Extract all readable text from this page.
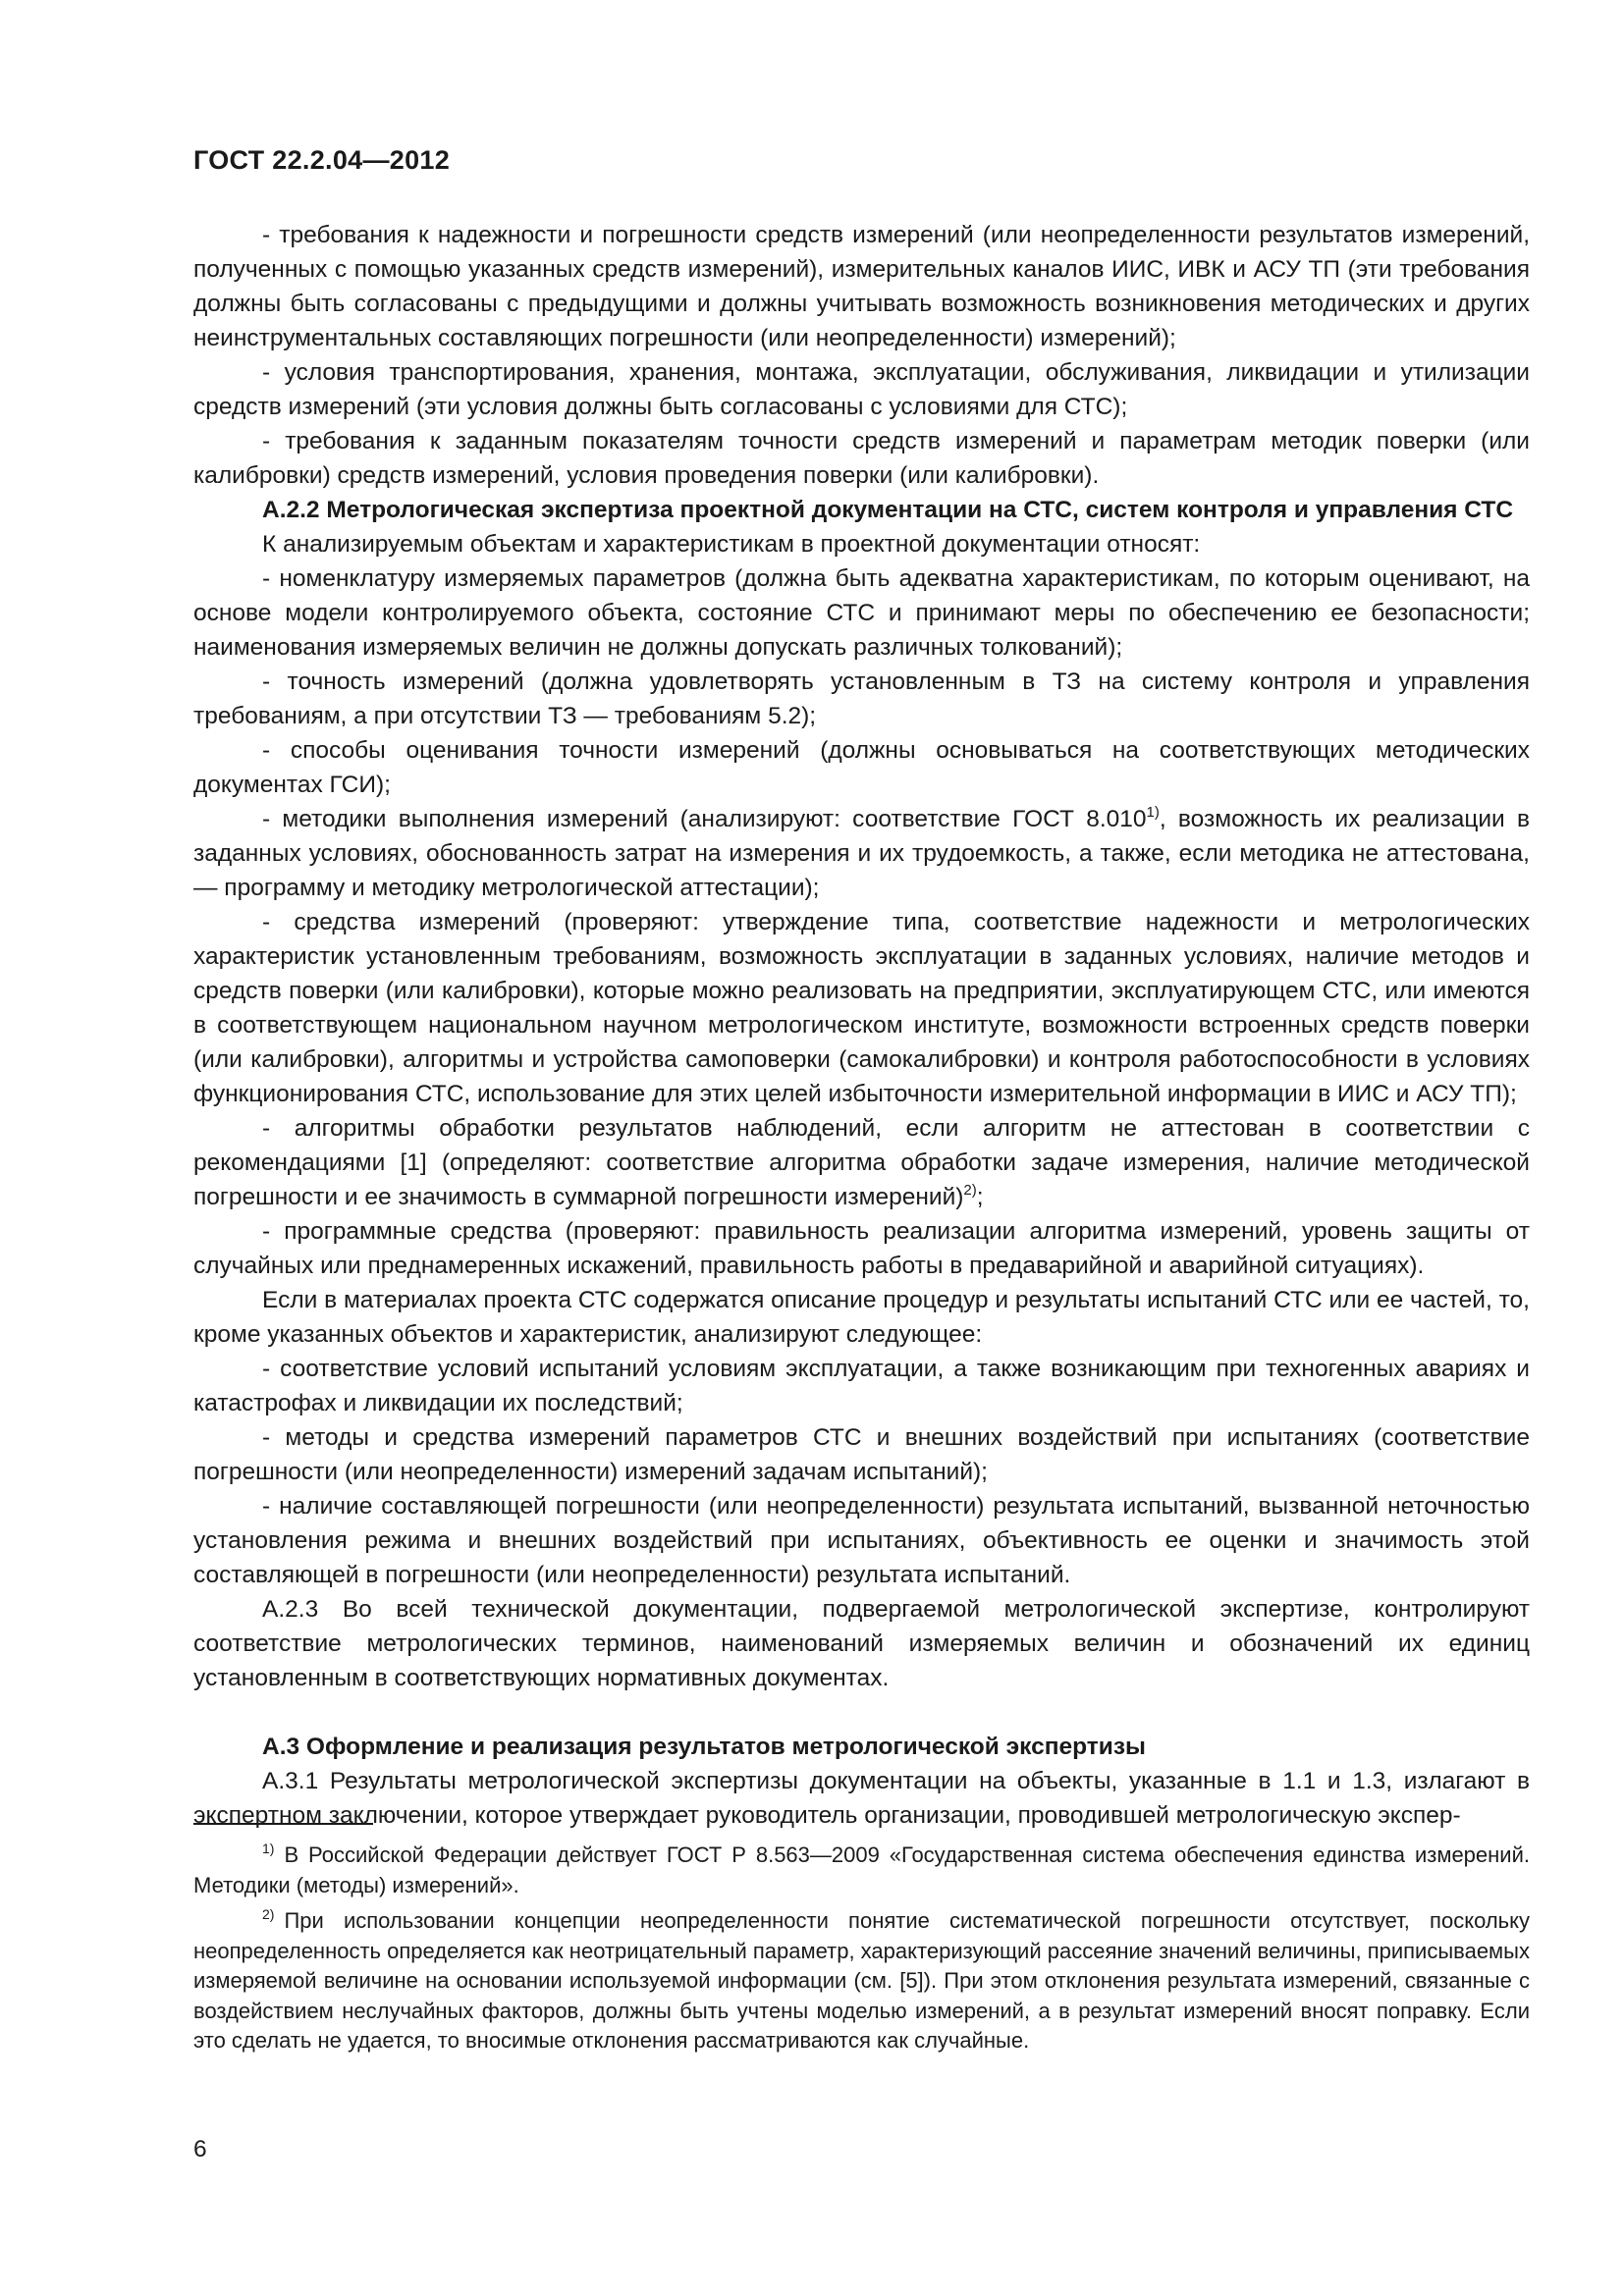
ГОСТ 22.2.04—2012

- требования к надежности и погрешности средств измерений (или неопределенности результатов измерений, полученных с помощью указанных средств измерений), измерительных каналов ИИС, ИВК и АСУ ТП (эти требования должны быть согласованы с предыдущими и должны учитывать возможность возникновения методических и других неинструментальных составляющих погрешности (или неопределенности) измерений);

- условия транспортирования, хранения, монтажа, эксплуатации, обслуживания, ликвидации и утилизации средств измерений (эти условия должны быть согласованы с условиями для СТС);

- требования к заданным показателям точности средств измерений и параметрам методик поверки (или калибровки) средств измерений, условия проведения поверки (или калибровки).

А.2.2 Метрологическая экспертиза проектной документации на СТС, систем контроля и управления СТС

К анализируемым объектам и характеристикам в проектной документации относят:

- номенклатуру измеряемых параметров (должна быть адекватна характеристикам, по которым оценивают, на основе модели контролируемого объекта, состояние СТС и принимают меры по обеспечению ее безопасности; наименования измеряемых величин не должны допускать различных толкований);

- точность измерений (должна удовлетворять установленным в ТЗ на систему контроля и управления требованиям, а при отсутствии ТЗ — требованиям 5.2);

- способы оценивания точности измерений (должны основываться на соответствующих методических документах ГСИ);

- методики выполнения измерений (анализируют: соответствие ГОСТ 8.010$^{1)}$, возможность их реализации в заданных условиях, обоснованность затрат на измерения и их трудоемкость, а также, если методика не аттестована, — программу и методику метрологической аттестации);

- средства измерений (проверяют: утверждение типа, соответствие надежности и метрологических характеристик установленным требованиям, возможность эксплуатации в заданных условиях, наличие методов и средств поверки (или калибровки), которые можно реализовать на предприятии, эксплуатирующем СТС, или имеются в соответствующем национальном научном метрологическом институте, возможности встроенных средств поверки (или калибровки), алгоритмы и устройства самоповерки (самокалибровки) и контроля работоспособности в условиях функционирования СТС, использование для этих целей избыточности измерительной информации в ИИС и АСУ ТП);

- алгоритмы обработки результатов наблюдений, если алгоритм не аттестован в соответствии с рекомендациями [1] (определяют: соответствие алгоритма обработки задаче измерения, наличие методической погрешности и ее значимость в суммарной погрешности измерений)$^{2)}$;

- программные средства (проверяют: правильность реализации алгоритма измерений, уровень защиты от случайных или преднамеренных искажений, правильность работы в предаварийной и аварийной ситуациях).

Если в материалах проекта СТС содержатся описание процедур и результаты испытаний СТС или ее частей, то, кроме указанных объектов и характеристик, анализируют следующее:

- соответствие условий испытаний условиям эксплуатации, а также возникающим при техногенных авариях и катастрофах и ликвидации их последствий;

- методы и средства измерений параметров СТС и внешних воздействий при испытаниях (соответствие погрешности (или неопределенности) измерений задачам испытаний);

- наличие составляющей погрешности (или неопределенности) результата испытаний, вызванной неточностью установления режима и внешних воздействий при испытаниях, объективность ее оценки и значимость этой составляющей в погрешности (или неопределенности) результата испытаний.

А.2.3 Во всей технической документации, подвергаемой метрологической экспертизе, контролируют соответствие метрологических терминов, наименований измеряемых величин и обозначений их единиц установленным в соответствующих нормативных документах.

А.3 Оформление и реализация результатов метрологической экспертизы

А.3.1 Результаты метрологической экспертизы документации на объекты, указанные в 1.1 и 1.3, излагают в экспертном заключении, которое утверждает руководитель организации, проводившей метрологическую экспер-

$^{1)}$ В Российской Федерации действует ГОСТ Р 8.563—2009 «Государственная система обеспечения единства измерений. Методики (методы) измерений».

$^{2)}$ При использовании концепции неопределенности понятие систематической погрешности отсутствует, поскольку неопределенность определяется как неотрицательный параметр, характеризующий рассеяние значений величины, приписываемых измеряемой величине на основании используемой информации (см. [5]). При этом отклонения результата измерений, связанные с воздействием неслучайных факторов, должны быть учтены моделью измерений, а в результат измерений вносят поправку. Если это сделать не удается, то вносимые отклонения рассматриваются как случайные.

6
